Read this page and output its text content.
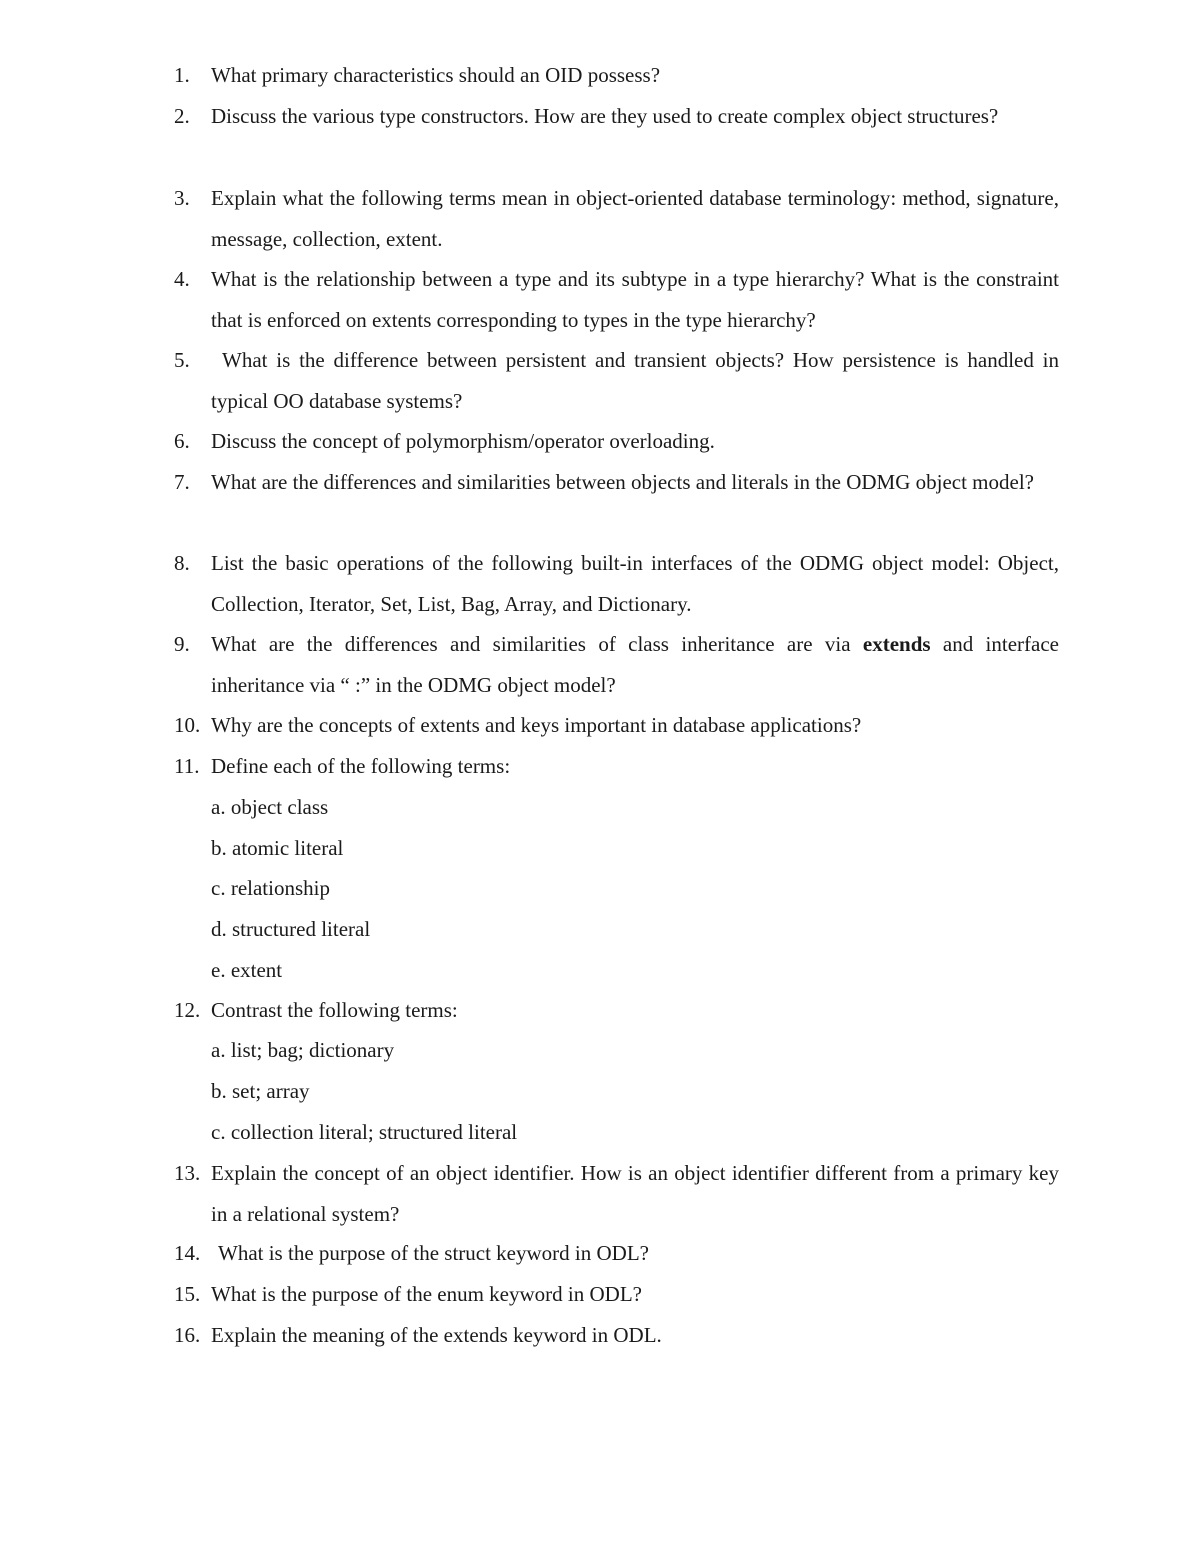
1.	What primary characteristics should an OID possess?
2.	Discuss the various type constructors. How are they used to create complex object structures?
3.	Explain what the following terms mean in object-oriented database terminology: method, signature, message, collection, extent.
4.	What is the relationship between a type and its subtype in a type hierarchy? What is the constraint that is enforced on extents corresponding to types in the type hierarchy?
5.	What is the difference between persistent and transient objects? How persistence is handled in typical OO database systems?
6.	Discuss the concept of polymorphism/operator overloading.
7.	What are the differences and similarities between objects and literals in the ODMG object model?
8.	List the basic operations of the following built-in interfaces of the ODMG object model: Object, Collection, Iterator, Set, List, Bag, Array, and Dictionary.
9.	What are the differences and similarities of class inheritance are via extends and interface inheritance via “ :” in the ODMG object model?
10. Why are the concepts of extents and keys important in database applications?
11. Define each of the following terms:
a. object class
b. atomic literal
c. relationship
d. structured literal
e. extent
12. Contrast the following terms:
a. list; bag; dictionary
b. set; array
c. collection literal; structured literal
13. Explain the concept of an object identifier. How is an object identifier different from a primary key in a relational system?
14. What is the purpose of the struct keyword in ODL?
15. What is the purpose of the enum keyword in ODL?
16. Explain the meaning of the extends keyword in ODL.
